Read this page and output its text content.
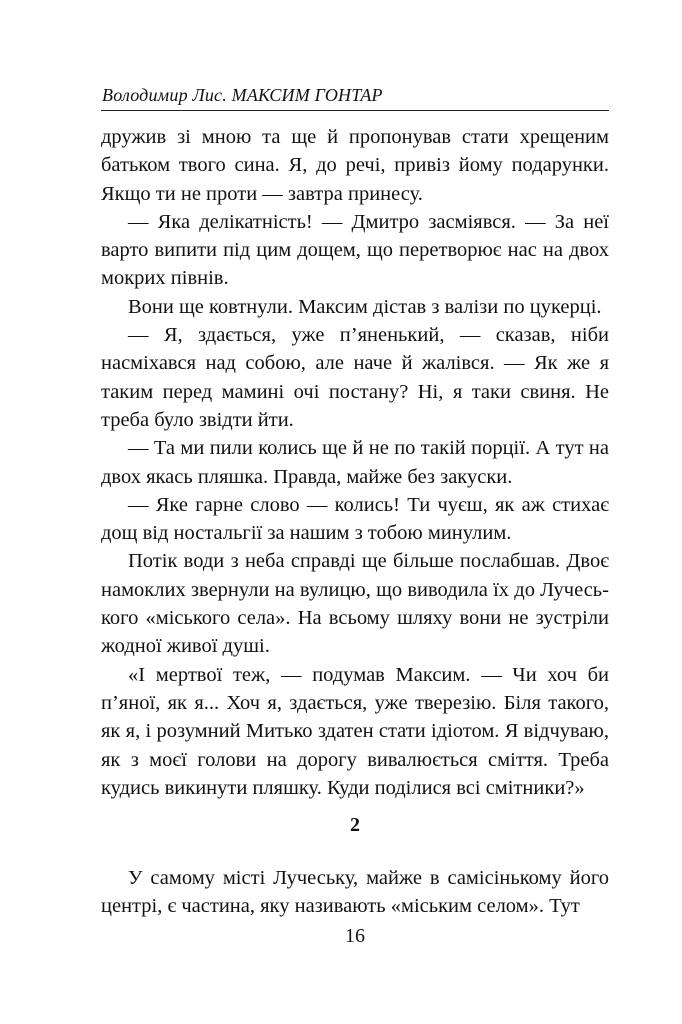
Володимир Лис. МАКСИМ ГОНТАР

дружив зі мною та ще й пропонував стати хрещеним батьком твого сина. Я, до речі, привіз йому подарунки. Якщо ти не проти — завтра принесу.

— Яка делікатність! — Дмитро засміявся. — За неї варто випити під цим дощем, що перетворює нас на двох мокрих півнів.

Вони ще ковтнули. Максим дістав з валізи по цукерці.

— Я, здається, уже п’яненький, — сказав, ніби насміхався над собою, але наче й жалівся. — Як же я таким перед мамині очі постану? Ні, я таки свиня. Не треба було звідти йти.

— Та ми пили колись ще й не по такій порції. А тут на двох якась пляшка. Правда, майже без закуски.

— Яке гарне слово — колись! Ти чуєш, як аж стихає дощ від ностальгії за нашим з тобою минулим.

Потік води з неба справді ще більше послабшав. Двоє намоклих звернули на вулицю, що виводила їх до Лучеського «міського села». На всьому шляху вони не зустріли жодної живої душі.

«І мертвої теж, — подумав Максим. — Чи хоч би п’яної, як я... Хоч я, здається, уже тверезію. Біля такого, як я, і розумний Митько здатен стати ідіотом. Я відчуваю, як з моєї голови на дорогу вивалюється сміття. Треба кудись викинути пляшку. Куди поділися всі смітники?»

2

У самому місті Лучеську, майже в самісінькому його центрі, є частина, яку називають «міським селом». Тут

16
